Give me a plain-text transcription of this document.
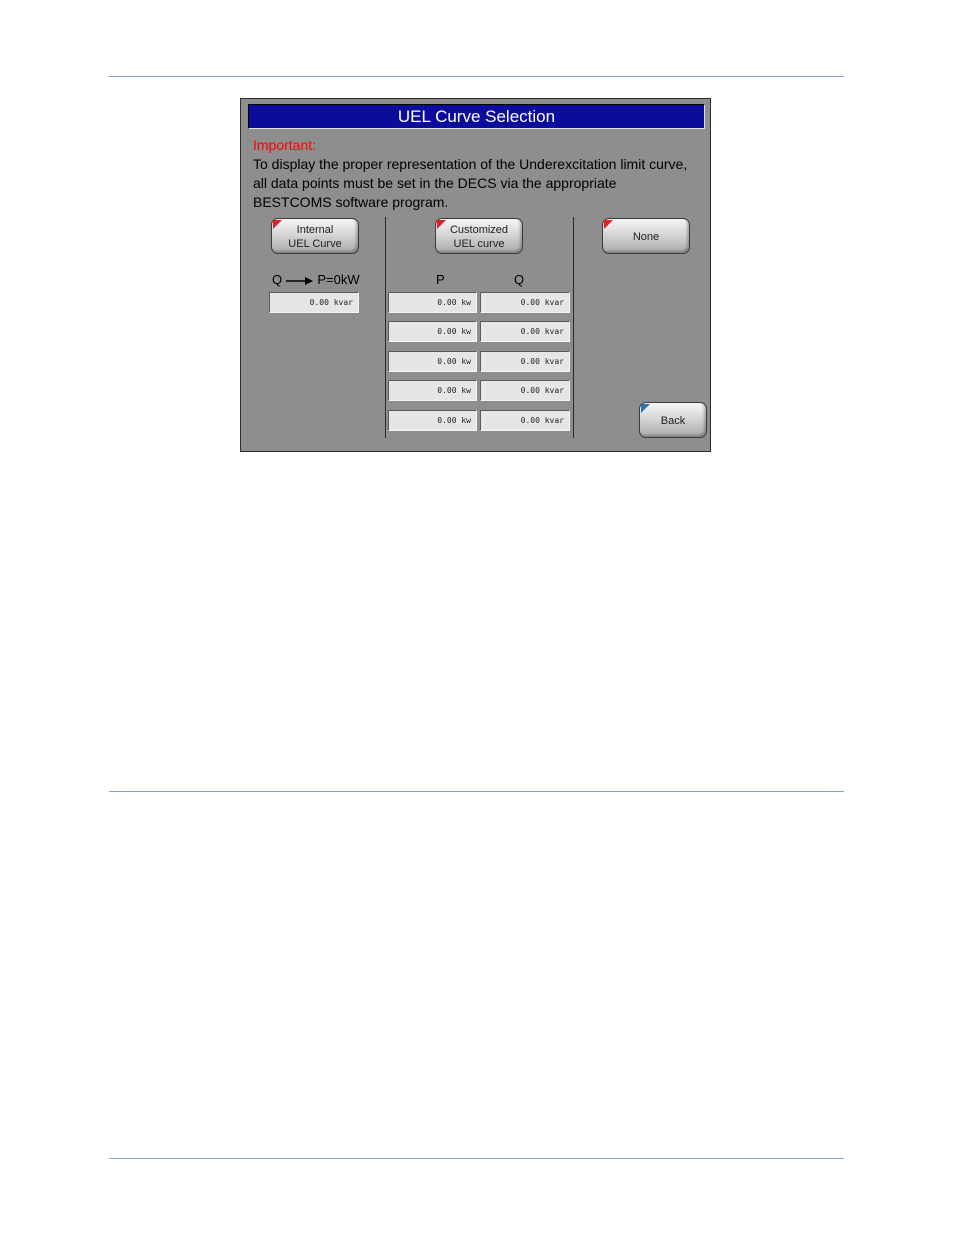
UEL Curve Selection
Important:
To display the proper representation of the Underexcitation limit curve,
all data points must be set in the DECS via the appropriate
BESTCOMS software program.
Internal
UEL Curve
Q	P=0kW
0.00 kvar
Customized
UEL curve
P	Q
0.00 kw	0.00 kvar
0.00 kw	0.00 kvar
0.00 kw	0.00 kvar
0.00 kw	0.00 kvar
0.00 kw	0.00 kvar
None
Back
